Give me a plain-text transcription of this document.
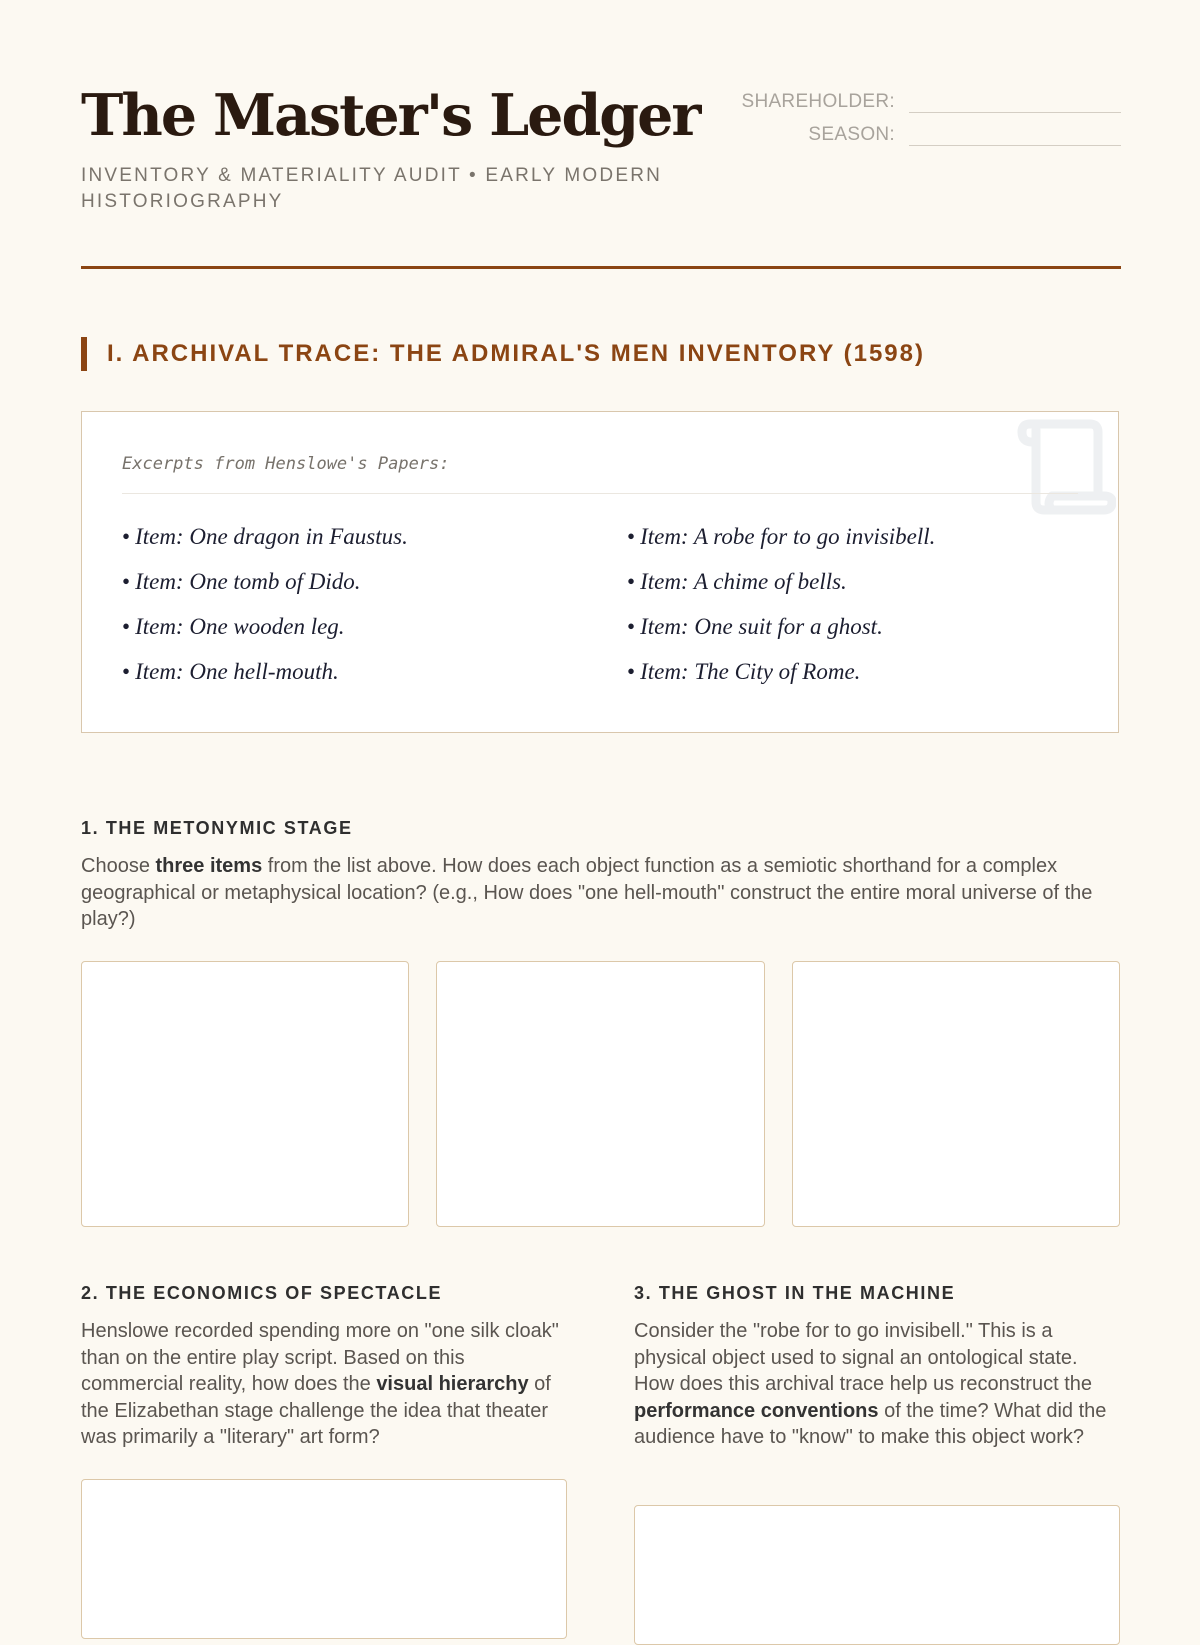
The Master's Ledger
INVENTORY & MATERIALITY AUDIT • EARLY MODERN HISTORIOGRAPHY
SHAREHOLDER:
SEASON:
I. ARCHIVAL TRACE: THE ADMIRAL'S MEN INVENTORY (1598)
Excerpts from Henslowe's Papers:
• Item: One dragon in Faustus.	• Item: A robe for to go invisibell.
• Item: One tomb of Dido.	• Item: A chime of bells.
• Item: One wooden leg.	• Item: One suit for a ghost.
• Item: One hell-mouth.	• Item: The City of Rome.
1. THE METONYMIC STAGE

Choose three items from the list above. How does each object function as a semiotic shorthand for a complex geographical or metaphysical location? (e.g., How does "one hell-mouth" construct the entire moral universe of the play?)

2. THE ECONOMICS OF SPECTACLE

Henslowe recorded spending more on "one silk cloak" than on the entire play script. Based on this commercial reality, how does the visual hierarchy of the Elizabethan stage challenge the idea that theater was primarily a "literary" art form?

3. THE GHOST IN THE MACHINE

Consider the "robe for to go invisibell." This is a physical object used to signal an ontological state. How does this archival trace help us reconstruct the performance conventions of the time? What did the audience have to "know" to make this object work?
